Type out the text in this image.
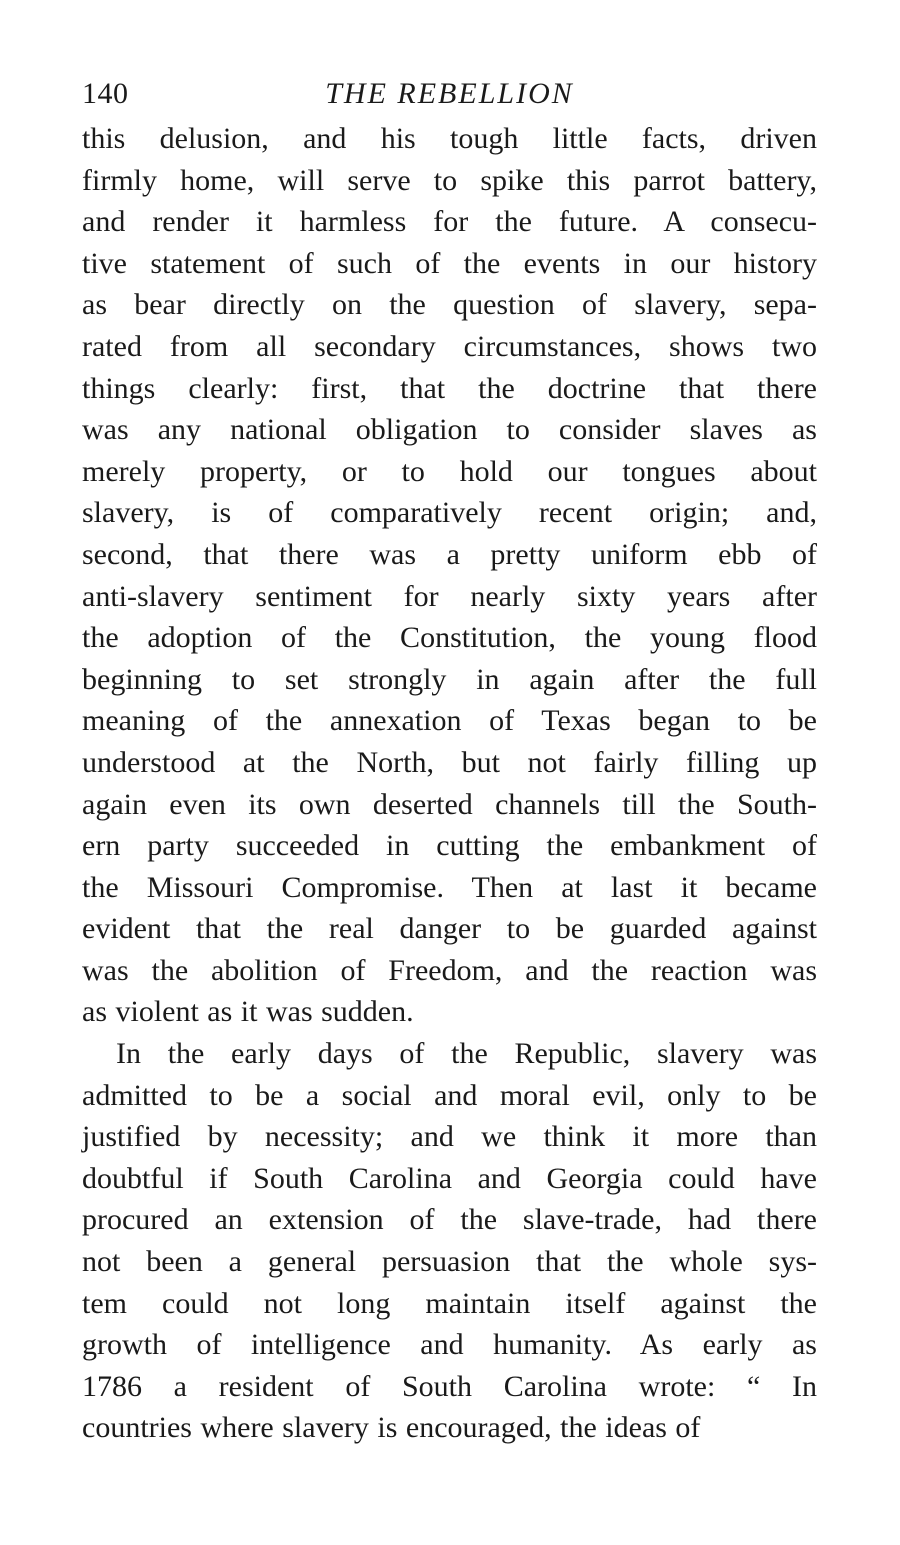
140	THE REBELLION
this delusion, and his tough little facts, driven
firmly home, will serve to spike this parrot battery,
and render it harmless for the future. A consecu-
tive statement of such of the events in our history
as bear directly on the question of slavery, sepa-
rated from all secondary circumstances, shows two
things clearly: first, that the doctrine that there
was any national obligation to consider slaves as
merely property, or to hold our tongues about
slavery, is of comparatively recent origin; and,
second, that there was a pretty uniform ebb of
anti-slavery sentiment for nearly sixty years after
the adoption of the Constitution, the young flood
beginning to set strongly in again after the full
meaning of the annexation of Texas began to be
understood at the North, but not fairly filling up
again even its own deserted channels till the South-
ern party succeeded in cutting the embankment of
the Missouri Compromise. Then at last it became
evident that the real danger to be guarded against
was the abolition of Freedom, and the reaction was
as violent as it was sudden.
In the early days of the Republic, slavery was
admitted to be a social and moral evil, only to be
justified by necessity; and we think it more than
doubtful if South Carolina and Georgia could have
procured an extension of the slave-trade, had there
not been a general persuasion that the whole sys-
tem could not long maintain itself against the
growth of intelligence and humanity. As early as
1786 a resident of South Carolina wrote: “ In
countries where slavery is encouraged, the ideas of
